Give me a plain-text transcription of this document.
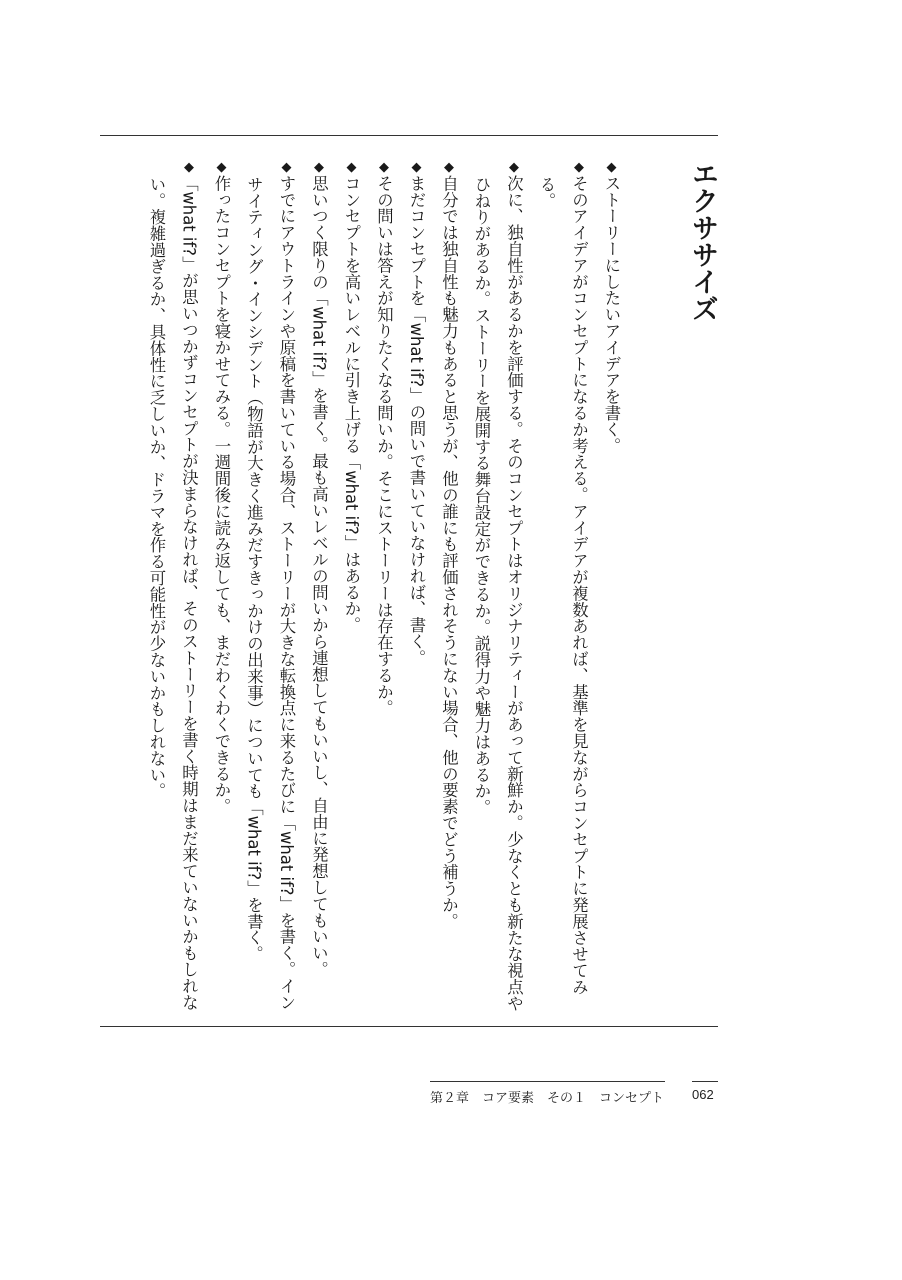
エクササイズ
◆ストーリーにしたいアイデアを書く。
◆そのアイデアがコンセプトになるか考える。アイデアが複数あれば、基準を見ながらコンセプトに発展させてみる。
◆次に、独自性があるかを評価する。そのコンセプトはオリジナリティーがあって新鮮か。少なくとも新たな視点やひねりがあるか。ストーリーを展開する舞台設定ができるか。説得力や魅力はあるか。
◆自分では独自性も魅力もあると思うが、他の誰にも評価されそうにない場合、他の要素でどう補うか。
◆まだコンセプトを「what if?」の問いで書いていなければ、書く。
◆その問いは答えが知りたくなる問いか。そこにストーリーは存在するか。
◆コンセプトを高いレベルに引き上げる「what if?」はあるか。
◆思いつく限りの「what if?」を書く。最も高いレベルの問いから連想してもいいし、自由に発想してもいい。
◆すでにアウトラインや原稿を書いている場合、ストーリーが大きな転換点に来るたびに「what if?」を書く。インサイティング・インシデント（物語が大きく進みだすきっかけの出来事）についても「what if?」を書く。
◆作ったコンセプトを寝かせてみる。一週間後に読み返しても、まだわくわくできるか。
◆「what if?」が思いつかずコンセプトが決まらなければ、そのストーリーを書く時期はまだ来ていないかもしれない。複雑過ぎるか、具体性に乏しいか、ドラマを作る可能性が少ないかもしれない。
第２章　コア要素　その１　コンセプト 062
